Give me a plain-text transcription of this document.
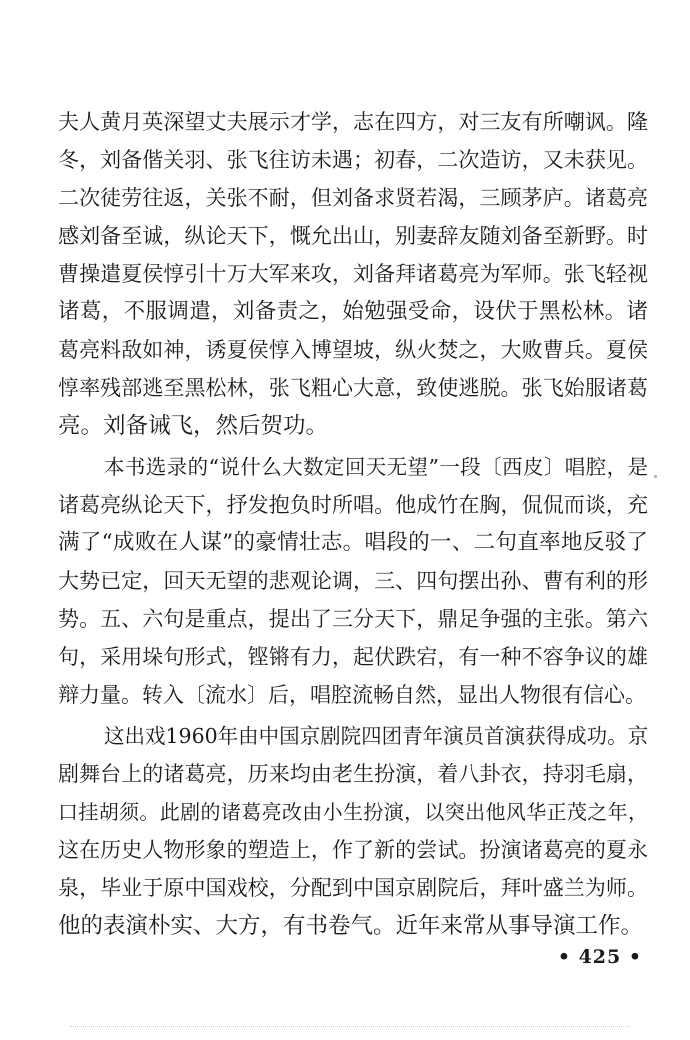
夫人黄月英深望丈夫展示才学，志在四方，对三友有所嘲讽。隆
冬，刘备偕关羽、张飞往访未遇；初春，二次造访，又未获见。
二次徒劳往返，关张不耐，但刘备求贤若渴，三顾茅庐。诸葛亮
感刘备至诚，纵论天下，慨允出山，别妻辞友随刘备至新野。时
曹操遣夏侯惇引十万大军来攻，刘备拜诸葛亮为军师。张飞轻视
诸葛，不服调遣，刘备责之，始勉强受命，设伏于黑松林。诸
葛亮料敌如神，诱夏侯惇入博望坡，纵火焚之，大败曹兵。夏侯
惇率残部逃至黑松林，张飞粗心大意，致使逃脱。张飞始服诸葛
亮。刘备诫飞，然后贺功。
本书选录的“说什么大数定回天无望”一段〔西皮〕唱腔，是
诸葛亮纵论天下，抒发抱负时所唱。他成竹在胸，侃侃而谈，充
满了“成败在人谋”的豪情壮志。唱段的一、二句直率地反驳了
大势已定，回天无望的悲观论调，三、四句摆出孙、曹有利的形
势。五、六句是重点，提出了三分天下，鼎足争强的主张。第六
句，采用垛句形式，铿锵有力，起伏跌宕，有一种不容争议的雄
辩力量。转入〔流水〕后，唱腔流畅自然，显出人物很有信心。
这出戏1960年由中国京剧院四团青年演员首演获得成功。京
剧舞台上的诸葛亮，历来均由老生扮演，着八卦衣，持羽毛扇，
口挂胡须。此剧的诸葛亮改由小生扮演，以突出他风华正茂之年，
这在历史人物形象的塑造上，作了新的尝试。扮演诸葛亮的夏永
泉，毕业于原中国戏校，分配到中国京剧院后，拜叶盛兰为师。
他的表演朴实、大方，有书卷气。近年来常从事导演工作。
• 425 •
